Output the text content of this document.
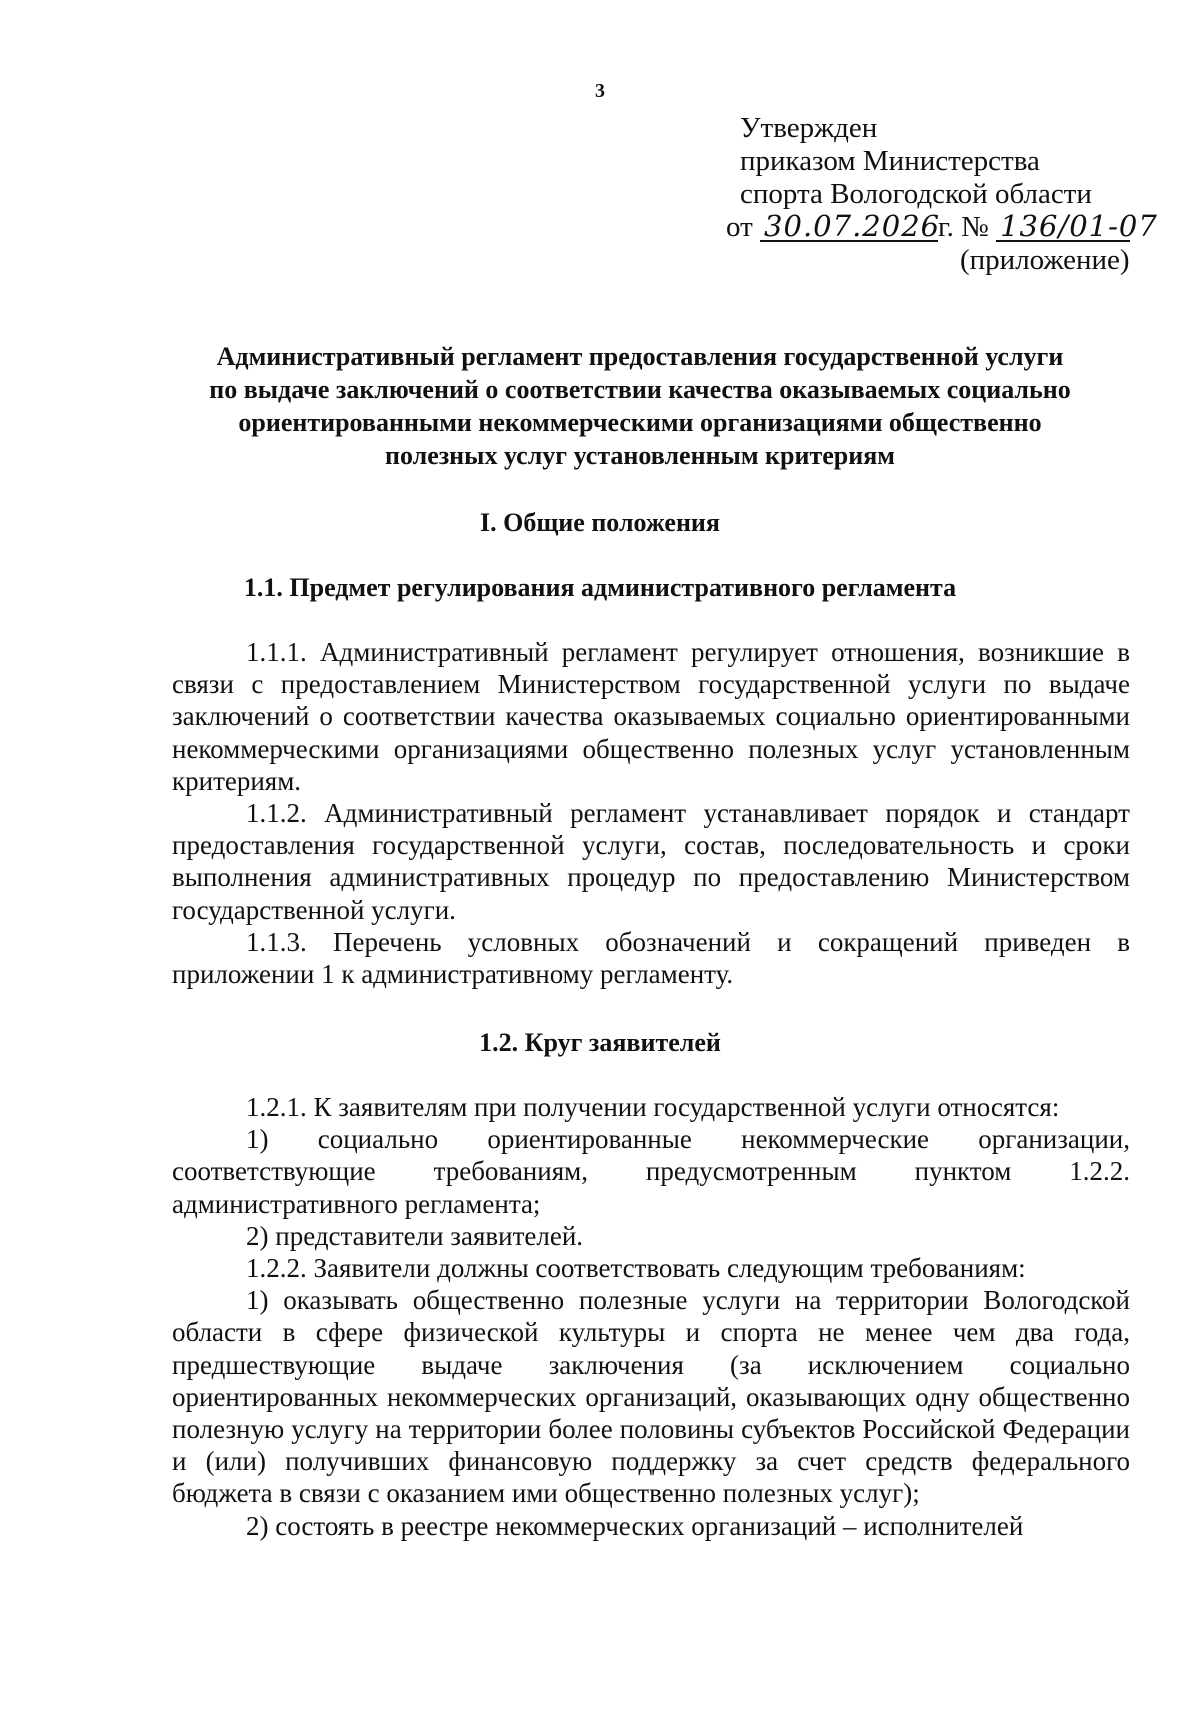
3
Утвержден
приказом Министерства
спорта Вологодской области
от 30.07.2026г. № 136/01-07
(приложение)
Административный регламент предоставления государственной услуги
по выдаче заключений о соответствии качества оказываемых социально
ориентированными некоммерческими организациями общественно
полезных услуг установленным критериям
I. Общие положения
1.1. Предмет регулирования административного регламента

1.1.1. Административный регламент регулирует отношения, возникшие в связи с предоставлением Министерством государственной услуги по выдаче заключений о соответствии качества оказываемых социально ориентированными некоммерческими организациями общественно полезных услуг установленным критериям.

1.1.2. Административный регламент устанавливает порядок и стандарт предоставления государственной услуги, состав, последовательность и сроки выполнения административных процедур по предоставлению Министерством государственной услуги.

1.1.3. Перечень условных обозначений и сокращений приведен в приложении 1 к административному регламенту.

1.2. Круг заявителей

1.2.1. К заявителям при получении государственной услуги относятся:

1) социально ориентированные некоммерческие организации, соответствующие требованиям, предусмотренным пунктом 1.2.2. административного регламента;

2) представители заявителей.

1.2.2. Заявители должны соответствовать следующим требованиям:

1) оказывать общественно полезные услуги на территории Вологодской области в сфере физической культуры и спорта не менее чем два года, предшествующие выдаче заключения (за исключением социально ориентированных некоммерческих организаций, оказывающих одну общественно полезную услугу на территории более половины субъектов Российской Федерации и (или) получивших финансовую поддержку за счет средств федерального бюджета в связи с оказанием ими общественно полезных услуг);

2) состоять в реестре некоммерческих организаций – исполнителей
